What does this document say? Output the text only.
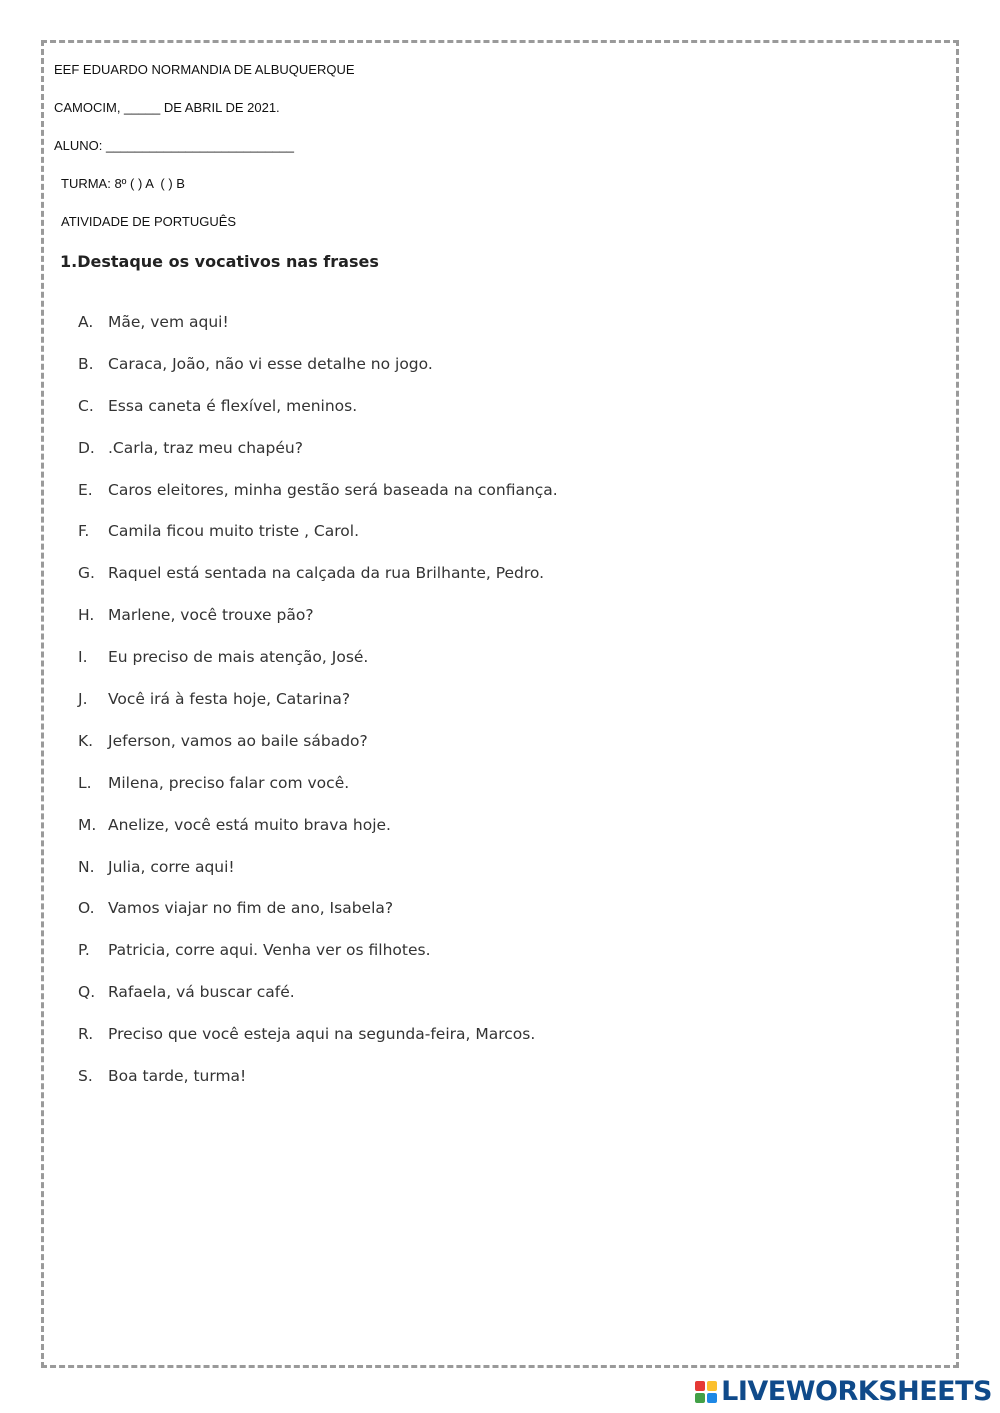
EEF EDUARDO NORMANDIA DE ALBUQUERQUE
CAMOCIM, _____ DE ABRIL DE 2021.
ALUNO: __________________________
TURMA: 8º ( ) A  ( ) B
ATIVIDADE DE PORTUGUÊS
1.Destaque os vocativos nas frases
A. Mãe, vem aqui!
B. Caraca, João, não vi esse detalhe no jogo.
C. Essa caneta é flexível, meninos.
D. .Carla, traz meu chapéu?
E. Caros eleitores, minha gestão será baseada na confiança.
F.	Camila ficou muito triste , Carol.
G. Raquel está sentada na calçada da rua Brilhante, Pedro.
H. Marlene, você trouxe pão?
I.	Eu preciso de mais atenção, José.
J.	Você irá à festa hoje, Catarina?
K. Jeferson, vamos ao baile sábado?
L.	Milena, preciso falar com você.
M. Anelize, você está muito brava hoje.
N. Julia, corre aqui!
O. Vamos viajar no fim de ano, Isabela?
P.	Patricia, corre aqui. Venha ver os filhotes.
Q. Rafaela, vá buscar café.
R. Preciso que você esteja aqui na segunda-feira, Marcos.
S. Boa tarde, turma!
LIVEWORKSHEETS
